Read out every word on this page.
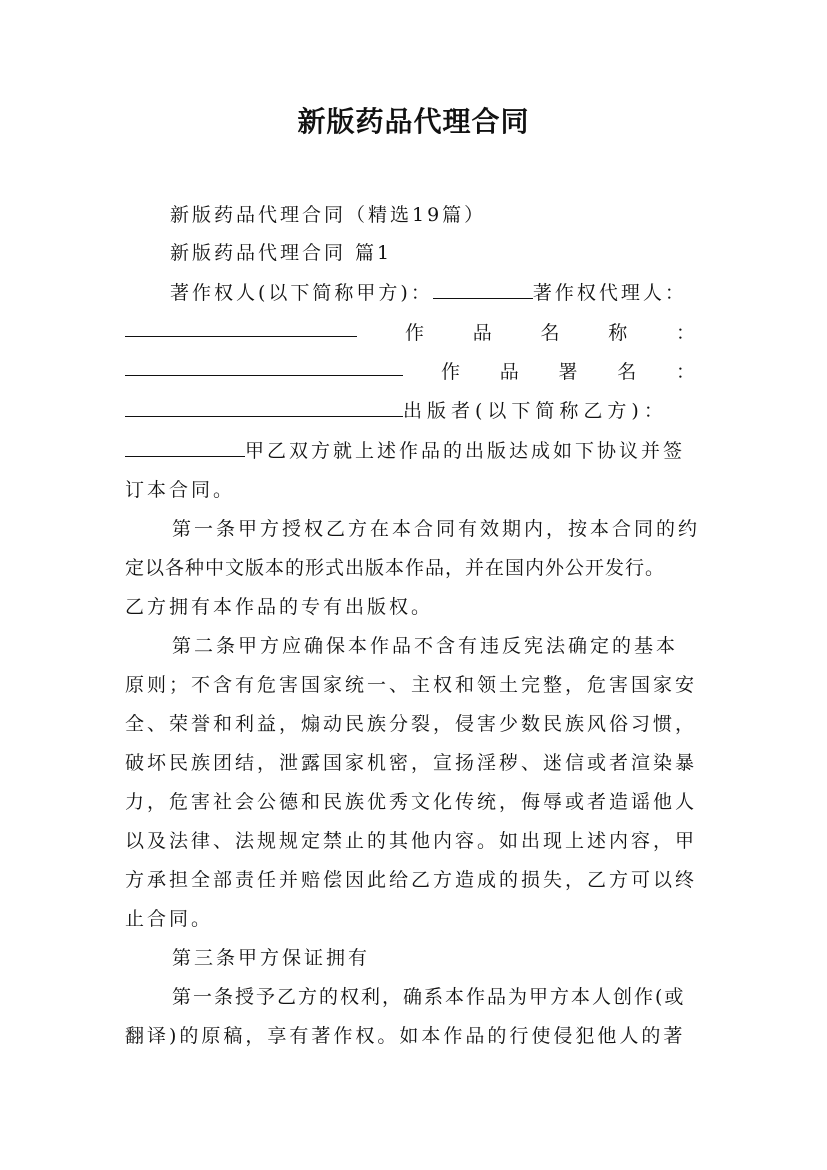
新版药品代理合同
新版药品代理合同（精选19篇）
新版药品代理合同 篇1
著作权人(以下简称甲方)：	著作权代理人：
作品名称：
作品署名：
出版者(以下简称乙方)：
甲乙双方就上述作品的出版达成如下协议并签
订本合同。
第一条甲方授权乙方在本合同有效期内，按本合同的约
定以各种中文版本的形式出版本作品，并在国内外公开发行。
乙方拥有本作品的专有出版权。
第二条甲方应确保本作品不含有违反宪法确定的基本
原则；不含有危害国家统一、主权和领土完整，危害国家安
全、荣誉和利益，煽动民族分裂，侵害少数民族风俗习惯，
破坏民族团结，泄露国家机密，宣扬淫秽、迷信或者渲染暴
力，危害社会公德和民族优秀文化传统，侮辱或者造谣他人
以及法律、法规规定禁止的其他内容。如出现上述内容，甲
方承担全部责任并赔偿因此给乙方造成的损失，乙方可以终
止合同。
第三条甲方保证拥有
第一条授予乙方的权利，确系本作品为甲方本人创作(或
翻译)的原稿，享有著作权。如本作品的行使侵犯他人的著
